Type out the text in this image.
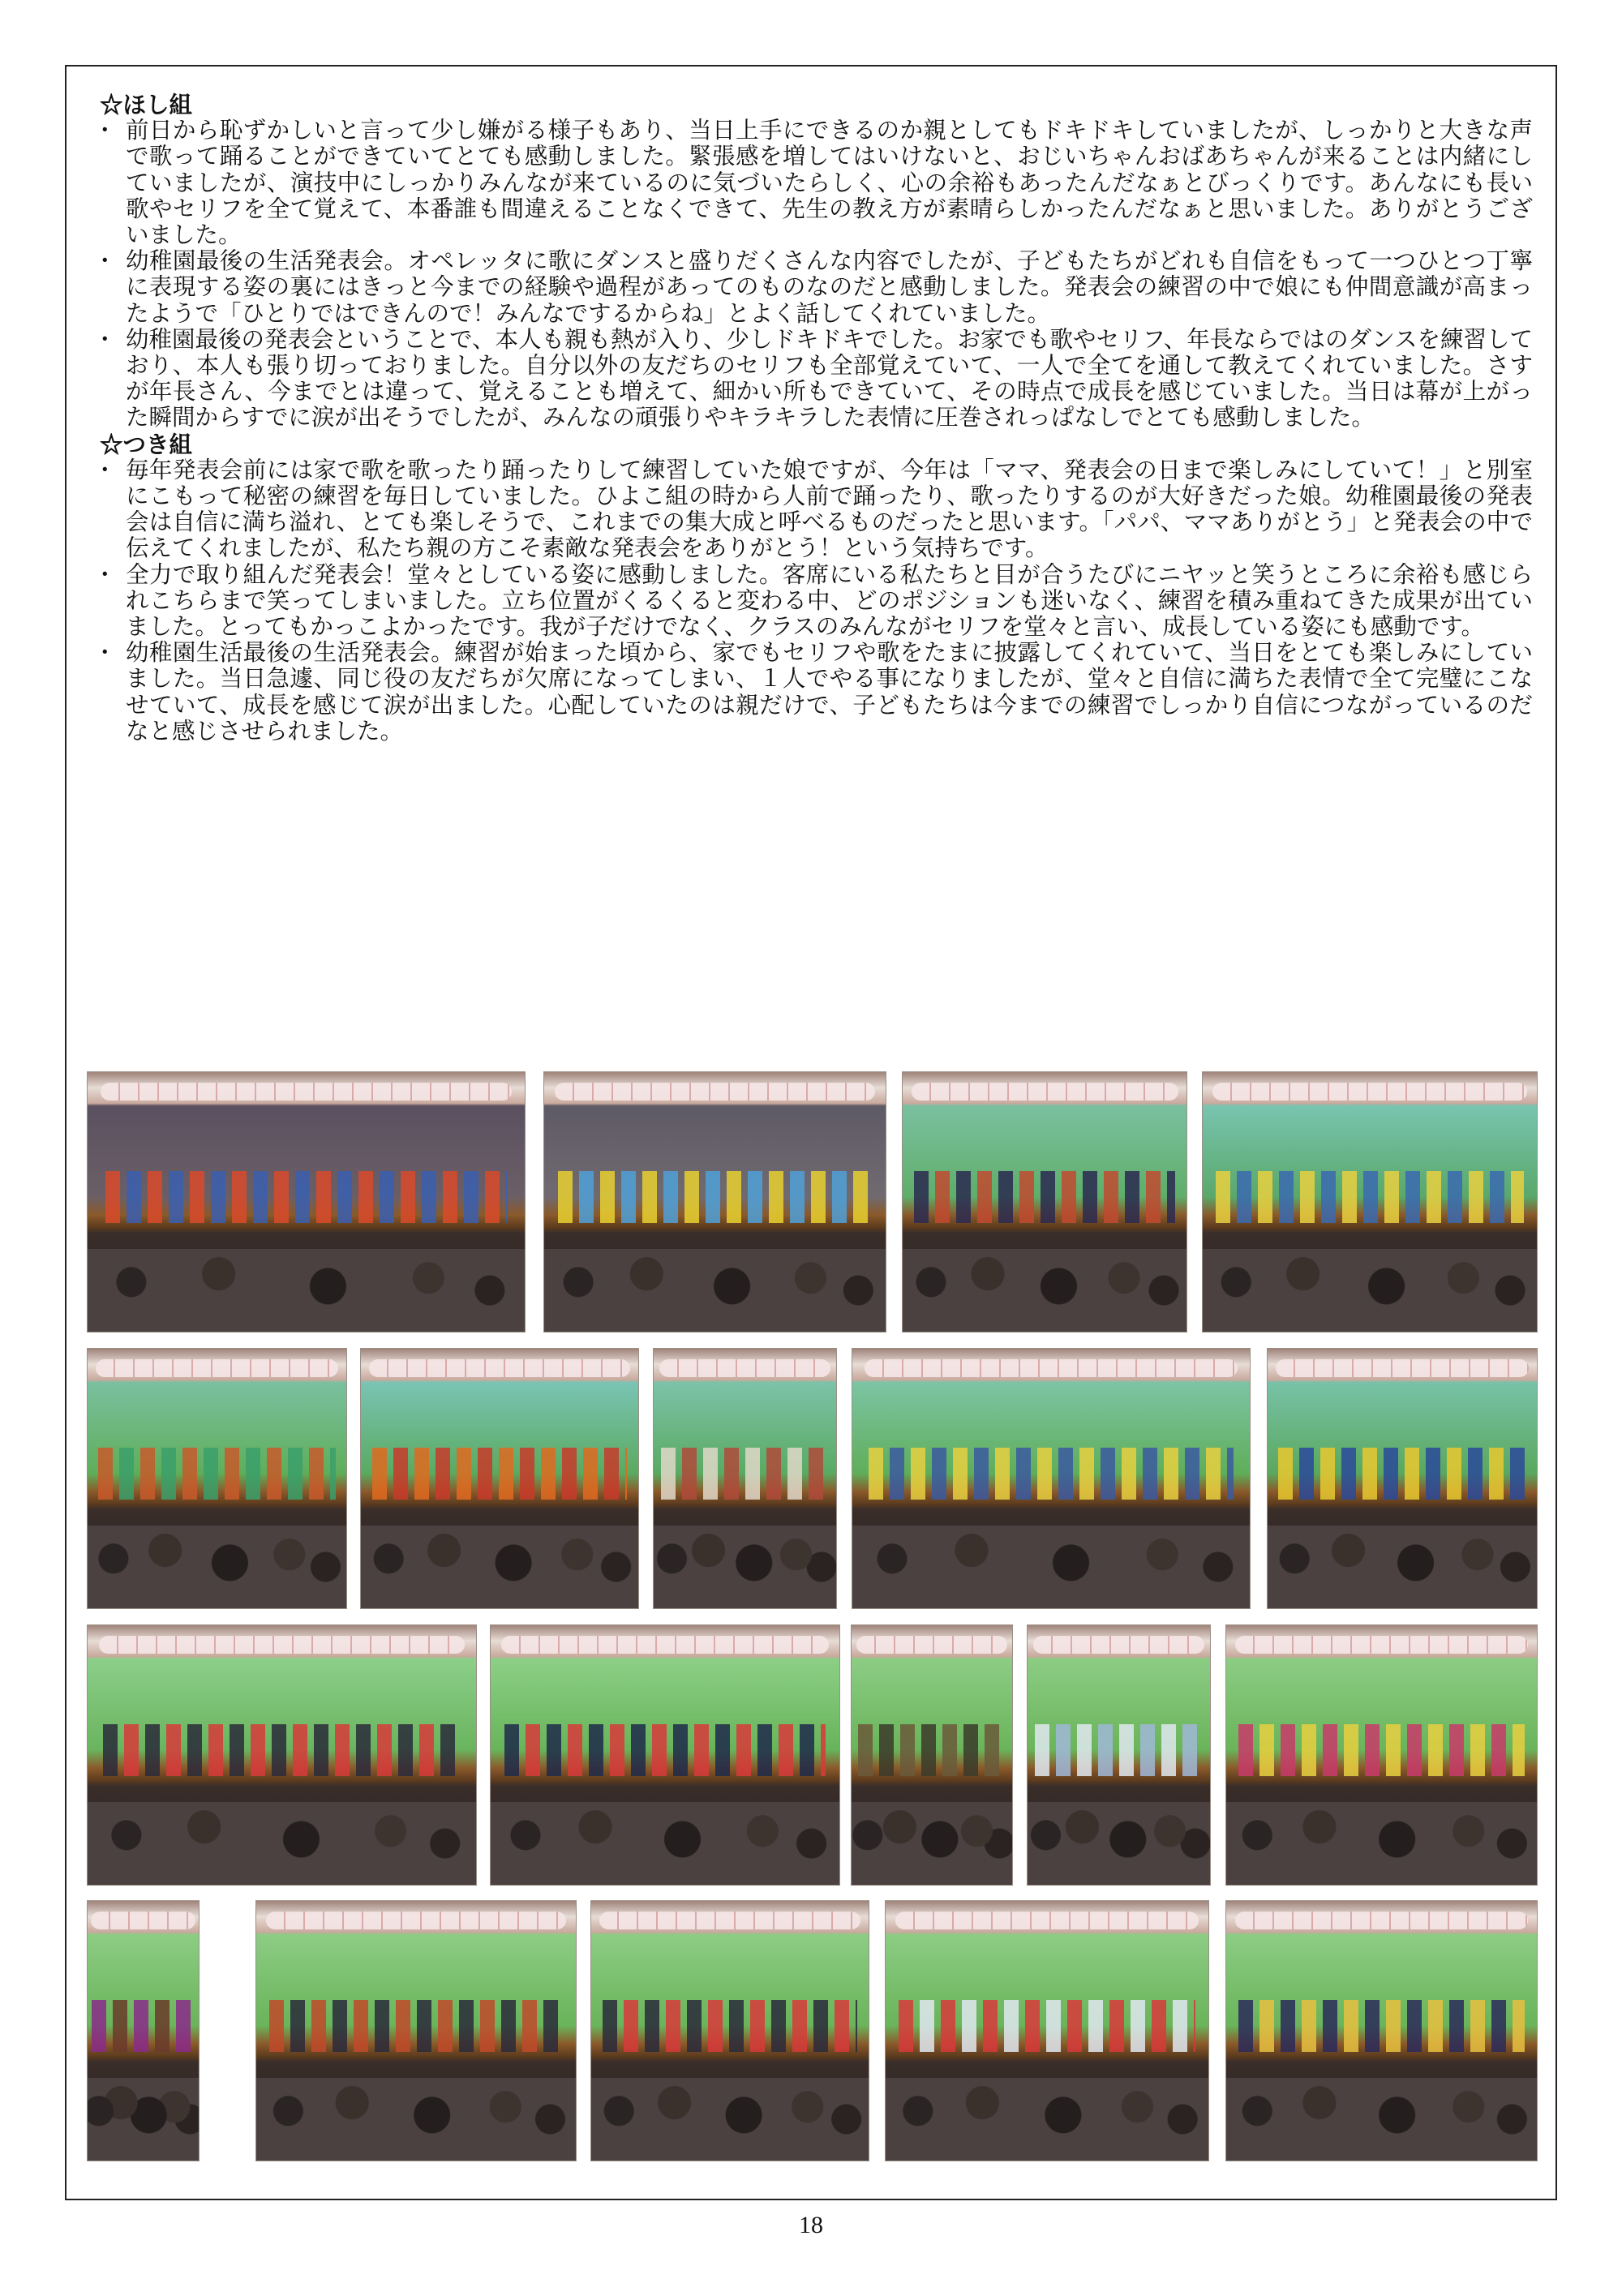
☆ほし組
・ 前日から恥ずかしいと言って少し嫌がる様子もあり、当日上手にできるのか親としてもドキドキしていましたが、しっかりと大きな声で歌って踊ることができていてとても感動しました。緊張感を増してはいけないと、おじいちゃんおばあちゃんが来ることは内緒にしていましたが、演技中にしっかりみんなが来ているのに気づいたらしく、心の余裕もあったんだなぁとびっくりです。あんなにも長い歌やセリフを全て覚えて、本番誰も間違えることなくできて、先生の教え方が素晴らしかったんだなぁと思いました。ありがとうございました。
・ 幼稚園最後の生活発表会。オペレッタに歌にダンスと盛りだくさんな内容でしたが、子どもたちがどれも自信をもって一つひとつ丁寧に表現する姿の裏にはきっと今までの経験や過程があってのものなのだと感動しました。発表会の練習の中で娘にも仲間意識が高まったようで「ひとりではできんので！みんなでするからね」とよく話してくれていました。
・ 幼稚園最後の発表会ということで、本人も親も熱が入り、少しドキドキでした。お家でも歌やセリフ、年長ならではのダンスを練習しており、本人も張り切っておりました。自分以外の友だちのセリフも全部覚えていて、一人で全てを通して教えてくれていました。さすが年長さん、今までとは違って、覚えることも増えて、細かい所もできていて、その時点で成長を感じていました。当日は幕が上がった瞬間からすでに涙が出そうでしたが、みんなの頑張りやキラキラした表情に圧巻されっぱなしでとても感動しました。
☆つき組
・ 毎年発表会前には家で歌を歌ったり踊ったりして練習していた娘ですが、今年は「ママ、発表会の日まで楽しみにしていて！」と別室にこもって秘密の練習を毎日していました。ひよこ組の時から人前で踊ったり、歌ったりするのが大好きだった娘。幼稚園最後の発表会は自信に満ち溢れ、とても楽しそうで、これまでの集大成と呼べるものだったと思います。「パパ、ママありがとう」と発表会の中で伝えてくれましたが、私たち親の方こそ素敵な発表会をありがとう！という気持ちです。
・ 全力で取り組んだ発表会！堂々としている姿に感動しました。客席にいる私たちと目が合うたびにニヤッと笑うところに余裕も感じられこちらまで笑ってしまいました。立ち位置がくるくると変わる中、どのポジションも迷いなく、練習を積み重ねてきた成果が出ていました。とってもかっこよかったです。我が子だけでなく、クラスのみんながセリフを堂々と言い、成長している姿にも感動です。
・ 幼稚園生活最後の生活発表会。練習が始まった頃から、家でもセリフや歌をたまに披露してくれていて、当日をとても楽しみにしていました。当日急遽、同じ役の友だちが欠席になってしまい、１人でやる事になりましたが、堂々と自信に満ちた表情で全て完璧にこなせていて、成長を感じて涙が出ました。心配していたのは親だけで、子どもたちは今までの練習でしっかり自信につながっているのだなと感じさせられました。
18
